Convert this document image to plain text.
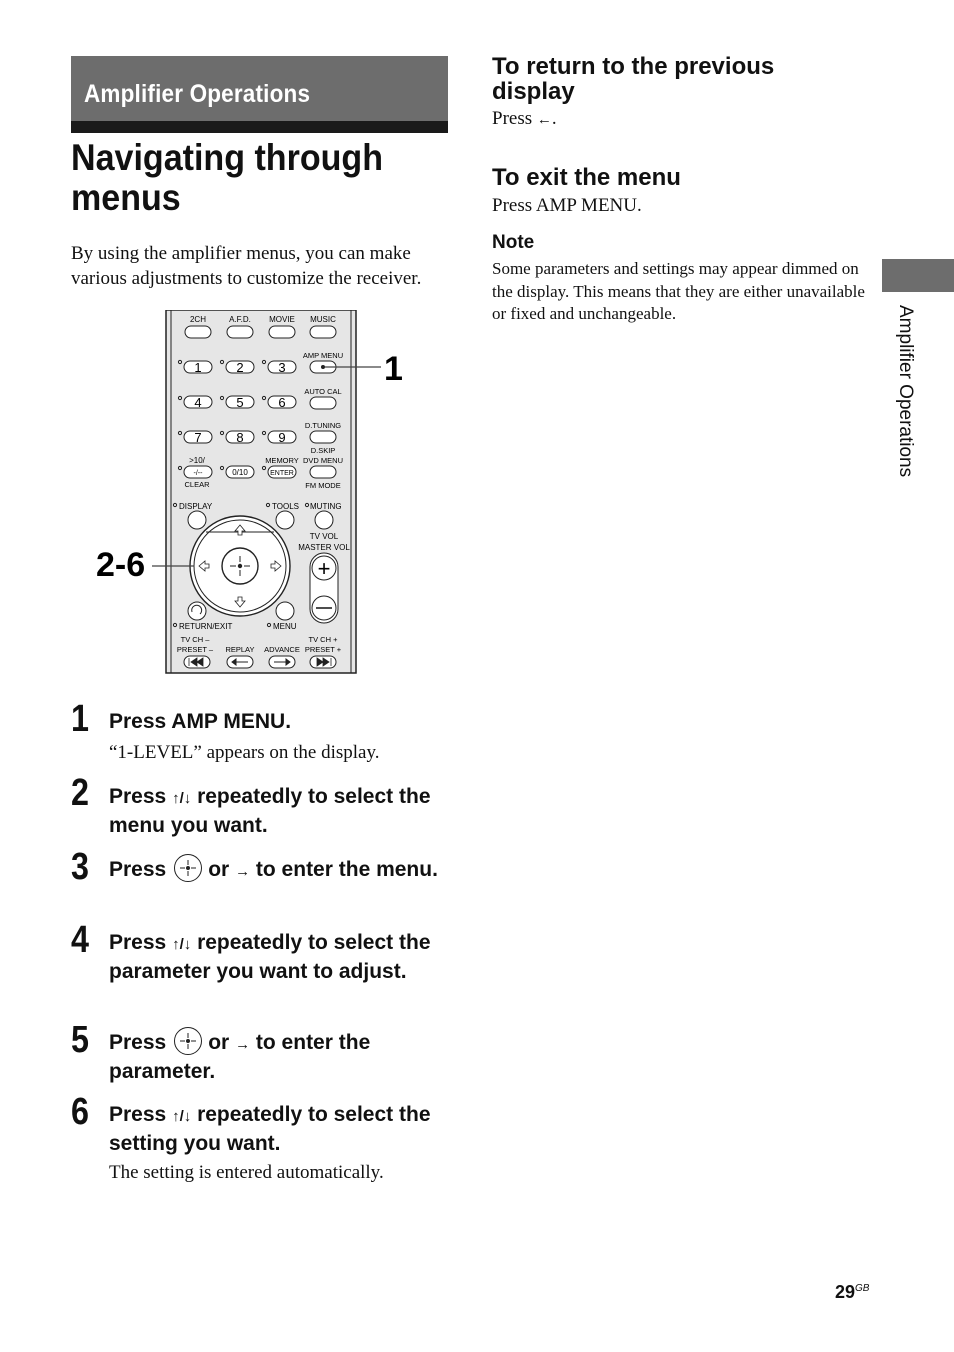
Amplifier Operations
Navigating through menus
By using the amplifier menus, you can make various adjustments to customize the receiver.
2CH	A.F.D. MOVIE MUSIC
AMP MENU 1
1	2	3
AUTO CAL
4	5	6
D.TUNING
7	8	9
D.SKIP
DVD MENU
FM MODE
>10/
-/--
CLEAR
0/10
MEMORY
ENTER
DISPLAY	TOOLS MUTING
TV VOL
MASTER VOL
+
2-6
RETURN/EXIT	MENU
TV CH –
PRESET – REPLAY ADVANCE
TV CH +
PRESET +
1 Press AMP MENU.
“1-LEVEL” appears on the display.
2 Press ↑/↓ repeatedly to select the menu you want.
3 Press or → to enter the menu.
4 Press ↑/↓ repeatedly to select the parameter you want to adjust.
5 Press or → to enter the parameter.
6 Press ↑/↓ repeatedly to select the setting you want.
The setting is entered automatically.
To return to the previous display
Press ←.
To exit the menu
Press AMP MENU.
Note
Some parameters and settings may appear dimmed on the display. This means that they are either unavailable or fixed and unchangeable.	Amplifier Operations
$29^{GB}$
